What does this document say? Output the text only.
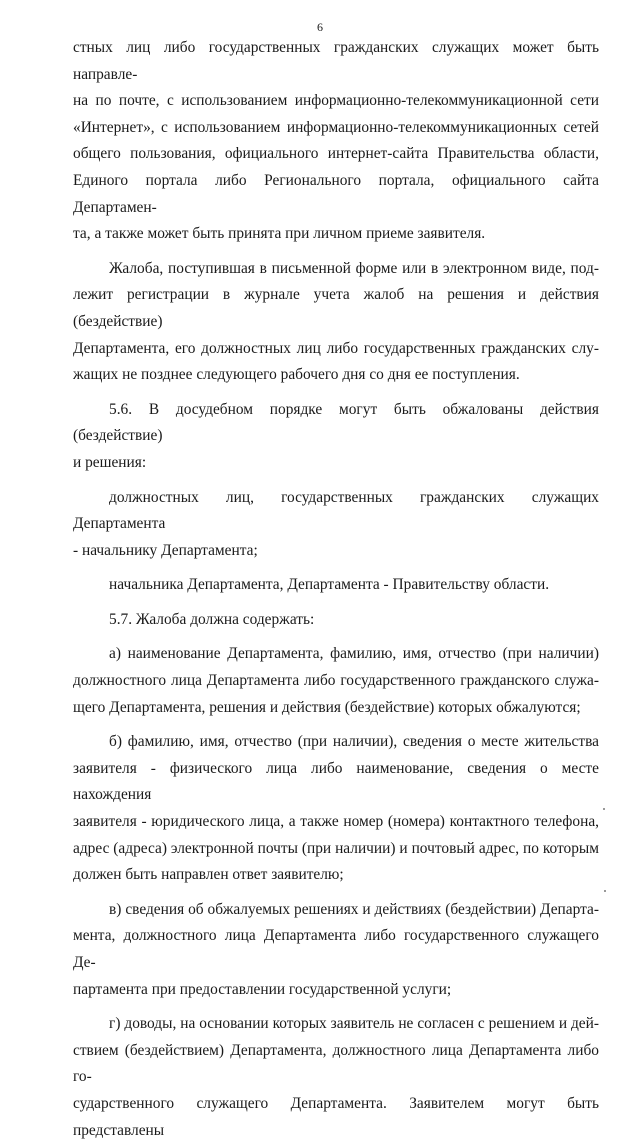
6

стных лиц либо государственных гражданских служащих может быть направле-

на по почте, с использованием информационно-телекоммуникационной сети

«Интернет», с использованием информационно-телекоммуникационных сетей

общего пользования, официального интернет-сайта Правительства области,

Единого портала либо Регионального портала, официального сайта Департамен-

та, а также может быть принята при личном приеме заявителя.

Жалоба, поступившая в письменной форме или в электронном виде, под-

лежит регистрации в журнале учета жалоб на решения и действия (бездействие)

Департамента, его должностных лиц либо государственных гражданских слу-

жащих не позднее следующего рабочего дня со дня ее поступления.

5.6. В досудебном порядке могут быть обжалованы действия (бездействие)

и решения:

должностных лиц, государственных гражданских служащих Департамента

- начальнику Департамента;

начальника Департамента, Департамента - Правительству области.

5.7. Жалоба должна содержать:

а) наименование Департамента, фамилию, имя, отчество (при наличии)

должностного лица Департамента либо государственного гражданского служа-

щего Департамента, решения и действия (бездействие) которых обжалуются;

б) фамилию, имя, отчество (при наличии), сведения о месте жительства

заявителя - физического лица либо наименование, сведения о месте нахождения

заявителя - юридического лица, а также номер (номера) контактного телефона,

адрес (адреса) электронной почты (при наличии) и почтовый адрес, по которым

должен быть направлен ответ заявителю;

в) сведения об обжалуемых решениях и действиях (бездействии) Департа-

мента, должностного лица Департамента либо государственного служащего Де-

партамента при предоставлении государственной услуги;

г) доводы, на основании которых заявитель не согласен с решением и дей-

ствием (бездействием) Департамента, должностного лица Департамента либо го-

сударственного служащего Департамента. Заявителем могут быть представлены
